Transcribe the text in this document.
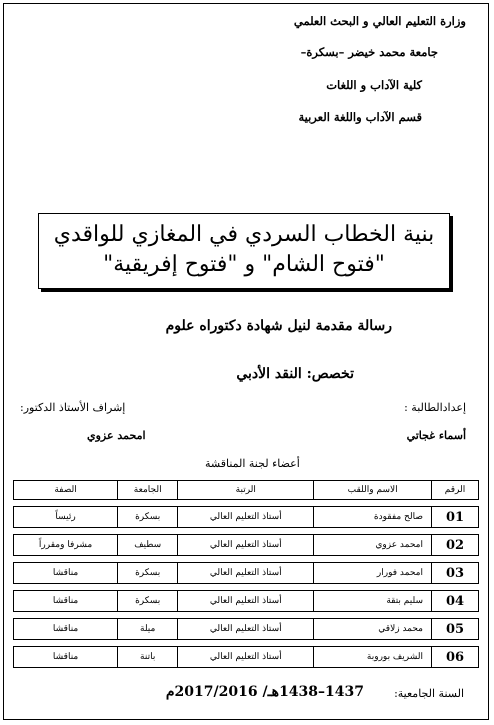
وزارة التعليم العالي و البحث العلمي
جامعة محمد خيضر –بسكرة–
كلية الآداب و اللغات
قسم الآداب واللغة العربية
بنية الخطاب السردي في المغازي للواقدي
"فتوح الشام" و "فتوح إفريقية"
رسالة مقدمة لنيل شهادة دكتوراه علوم
تخصص: النقد الأدبي
إعدادالطالبة :
إشراف الأستاذ الدكتور:
أسماء غجاتي
امحمد عزوي
أعضاء لجنة المناقشة
الرقم	الاسم واللقب	الرتبة	الجامعة	الصفة

01	صالح مفقودة	أستاذ التعليم العالي	بسكرة	رئيساً

02	امحمد عزوي	أستاذ التعليم العالي	سطيف	مشرفا ومقرراً

03	امحمد فورار	أستاذ التعليم العالي	بسكرة	مناقشا

04	سليم بتقة	أستاذ التعليم العالي	بسكرة	مناقشا

05	محمد زلاقي	أستاذ التعليم العالي	ميلة	مناقشا

06	الشريف بوروبة	أستاذ التعليم العالي	باتنة	مناقشا
السنة الجامعية:
1437–1438هـ/ 2017/2016م
